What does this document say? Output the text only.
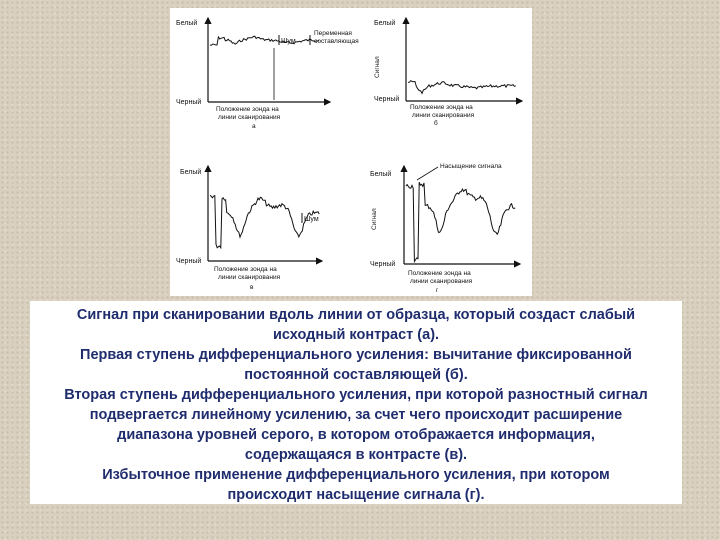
Белый
Черный
Шум
Переменная составляющая
Положение зонда на
линии сканирования
а
Белый
Черный
Сигнал
Положение зонда на
линии сканирования
б
Белый
Черный
Шум
Положение зонда на
линии сканирования
в
Белый
Черный
Сигнал
Насыщение сигнала
Положение зонда на
линии сканирования
г
Сигнал при сканировании вдоль линии от образца, который создаст слабый
исходный контраст (а).
Первая ступень дифференциального усиления: вычитание фиксированной
постоянной составляющей (б).
Вторая ступень дифференциального усиления, при которой разностный сигнал
подвергается линейному усилению, за счет чего происходит расширение
диапазона уровней серого, в котором отображается информация,
содержащаяся в контрасте (в).
Избыточное применение дифференциального усиления, при котором
происходит насыщение сигнала (г).
